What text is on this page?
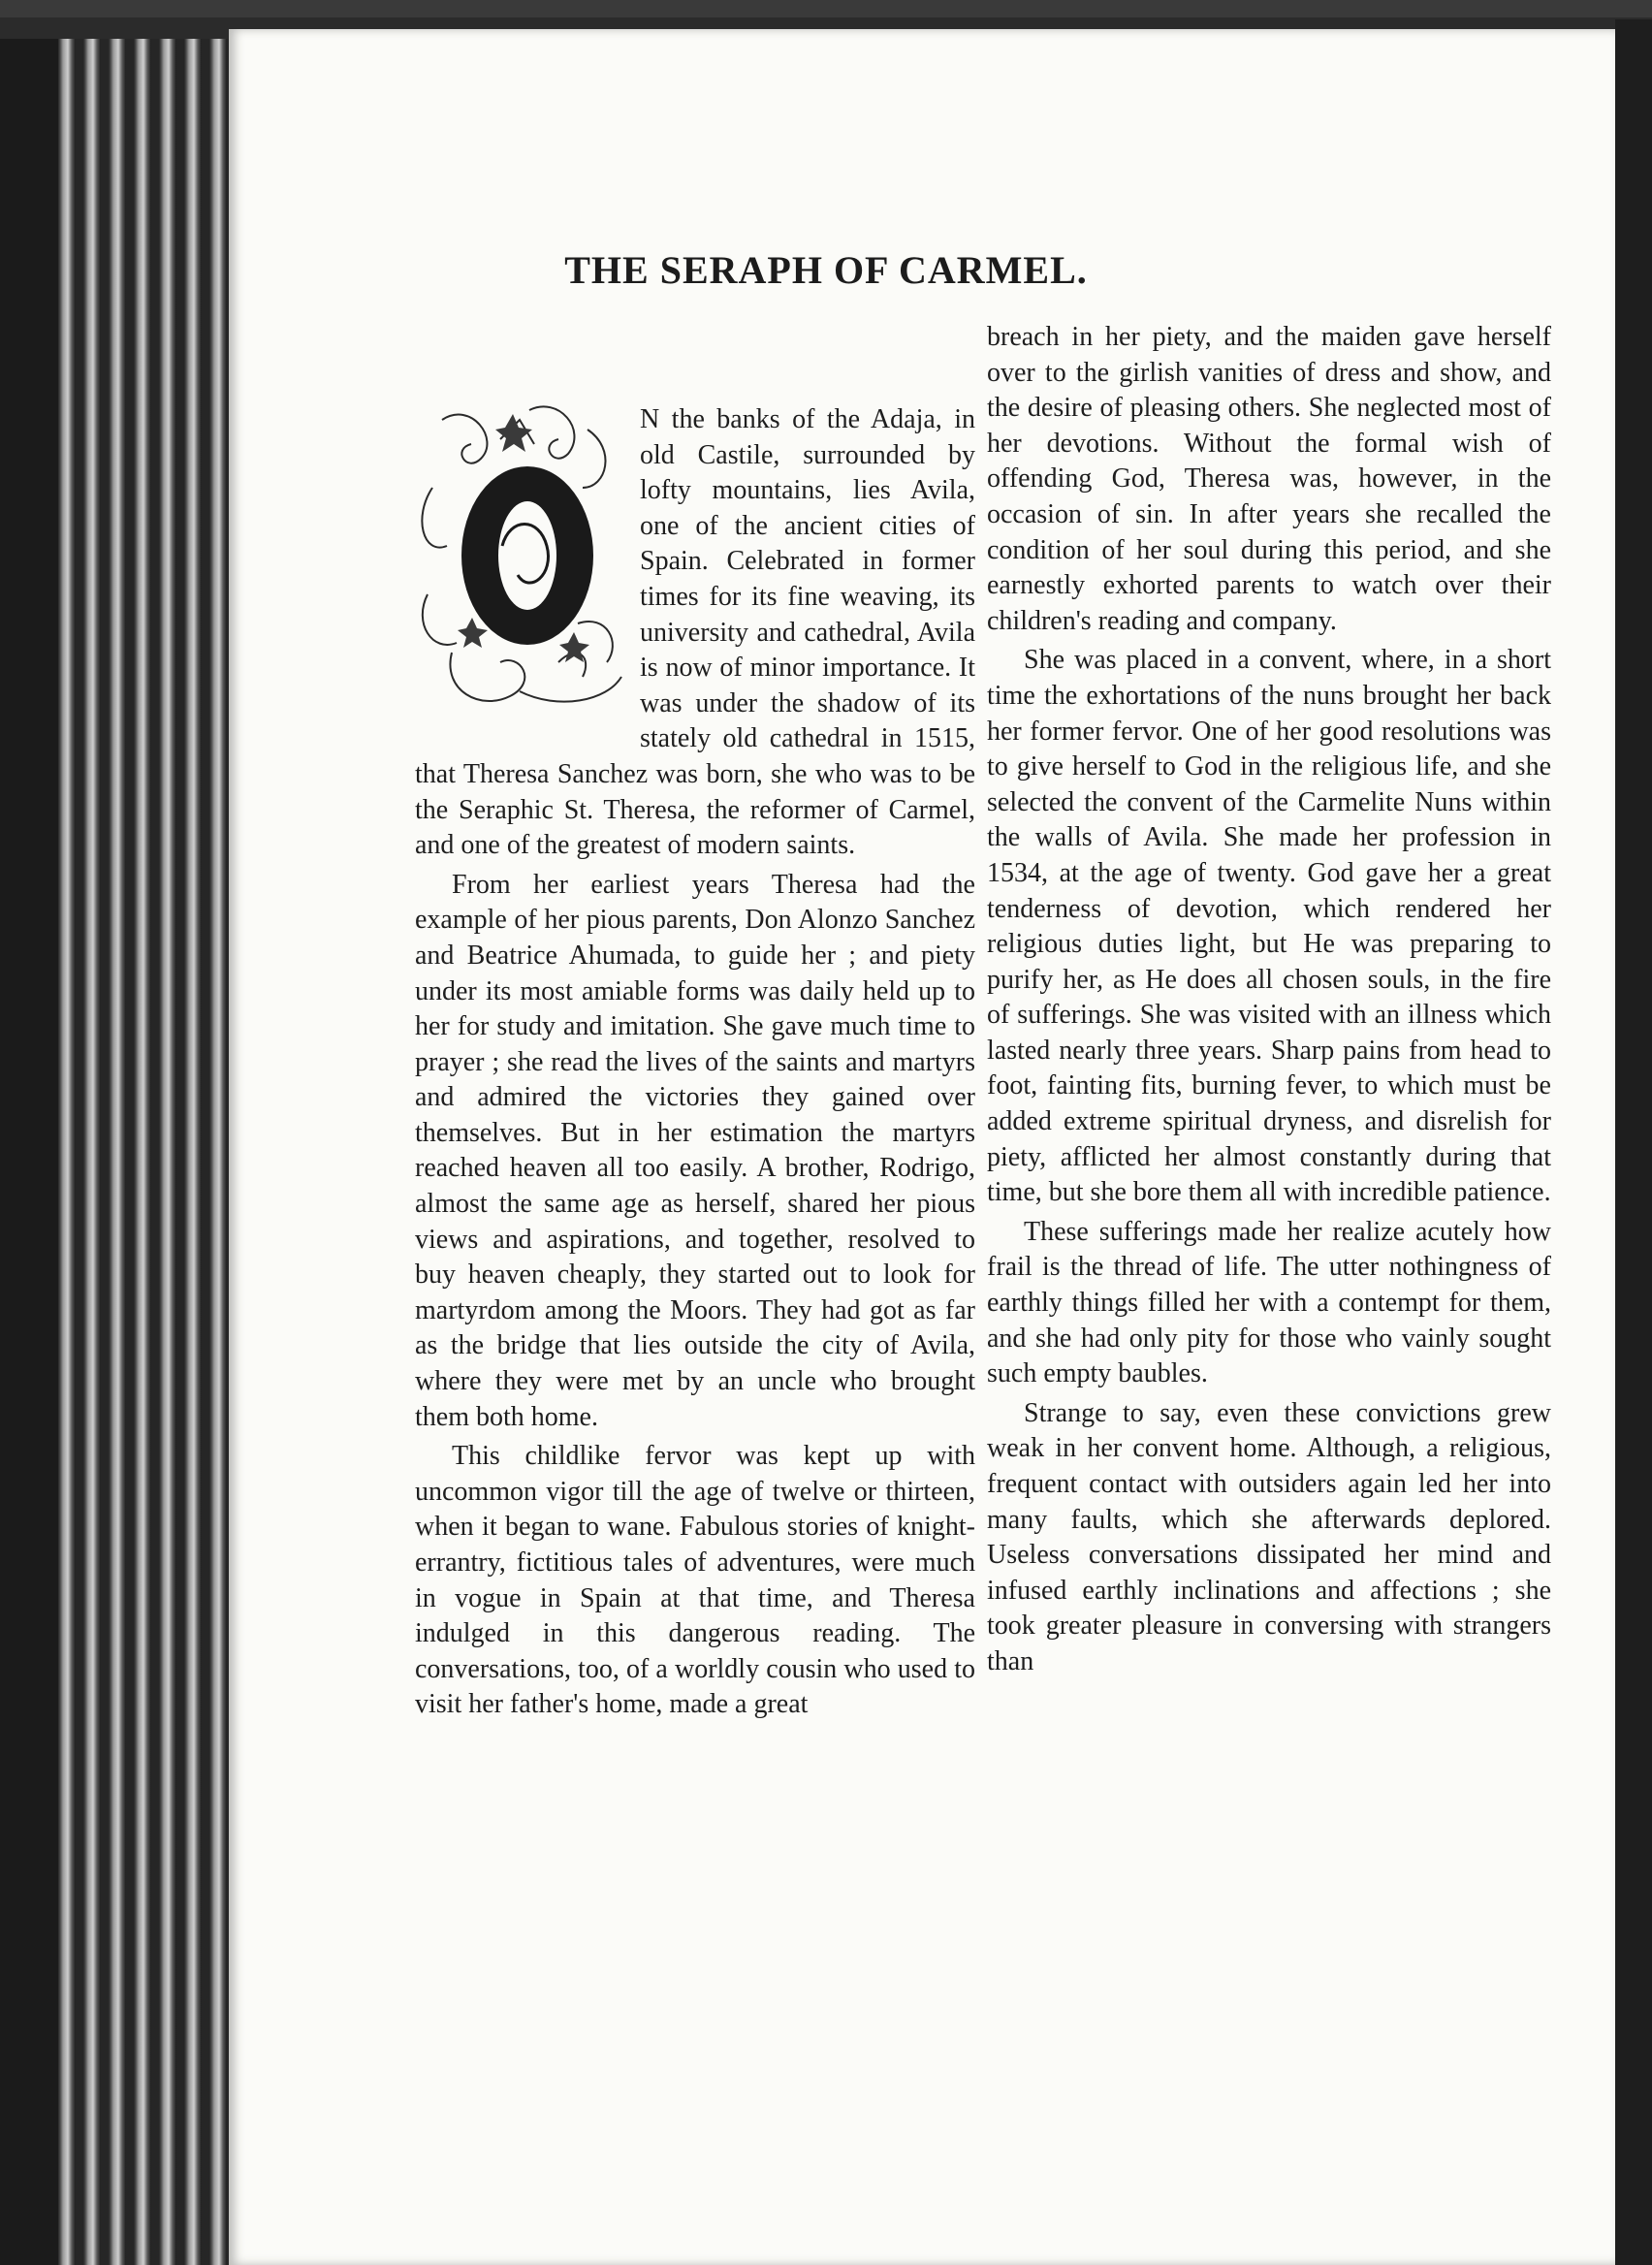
THE SERAPH OF CARMEL.
O

N the banks of the Adaja, in old Castile, surrounded by lofty mountains, lies Avila, one of the ancient cities of Spain. Celebrated in former times for its fine weaving, its university and cathedral, Avila is now of minor importance. It was under the shadow of its stately old cathedral in 1515, that Theresa Sanchez was born, she who was to be the Seraphic St. Theresa, the reformer of Carmel, and one of the greatest of modern saints.

From her earliest years Theresa had the example of her pious parents, Don Alonzo Sanchez and Beatrice Ahumada, to guide her ; and piety under its most amiable forms was daily held up to her for study and imitation. She gave much time to prayer ; she read the lives of the saints and martyrs and admired the victories they gained over themselves. But in her estimation the martyrs reached heaven all too easily. A brother, Rodrigo, almost the same age as herself, shared her pious views and aspirations, and together, resolved to buy heaven cheaply, they started out to look for martyrdom among the Moors. They had got as far as the bridge that lies outside the city of Avila, where they were met by an uncle who brought them both home.

This childlike fervor was kept up with uncommon vigor till the age of twelve or thirteen, when it began to wane. Fabulous stories of knight-errantry, fictitious tales of adventures, were much in vogue in Spain at that time, and Theresa indulged in this dangerous reading. The conversations, too, of a worldly cousin who used to visit her father's home, made a great

breach in her piety, and the maiden gave herself over to the girlish vanities of dress and show, and the desire of pleasing others. She neglected most of her devotions. Without the formal wish of offending God, Theresa was, however, in the occasion of sin. In after years she recalled the condition of her soul during this period, and she earnestly exhorted parents to watch over their children's reading and company.

She was placed in a convent, where, in a short time the exhortations of the nuns brought her back her former fervor. One of her good resolutions was to give herself to God in the religious life, and she selected the convent of the Carmelite Nuns within the walls of Avila. She made her profession in 1534, at the age of twenty. God gave her a great tenderness of devotion, which rendered her religious duties light, but He was preparing to purify her, as He does all chosen souls, in the fire of sufferings. She was visited with an illness which lasted nearly three years. Sharp pains from head to foot, fainting fits, burning fever, to which must be added extreme spiritual dryness, and disrelish for piety, afflicted her almost constantly during that time, but she bore them all with incredible patience.

These sufferings made her realize acutely how frail is the thread of life. The utter nothingness of earthly things filled her with a contempt for them, and she had only pity for those who vainly sought such empty baubles.

Strange to say, even these convictions grew weak in her convent home. Although, a religious, frequent contact with outsiders again led her into many faults, which she afterwards deplored. Useless conversations dissipated her mind and infused earthly inclinations and affections ; she took greater pleasure in conversing with strangers than
